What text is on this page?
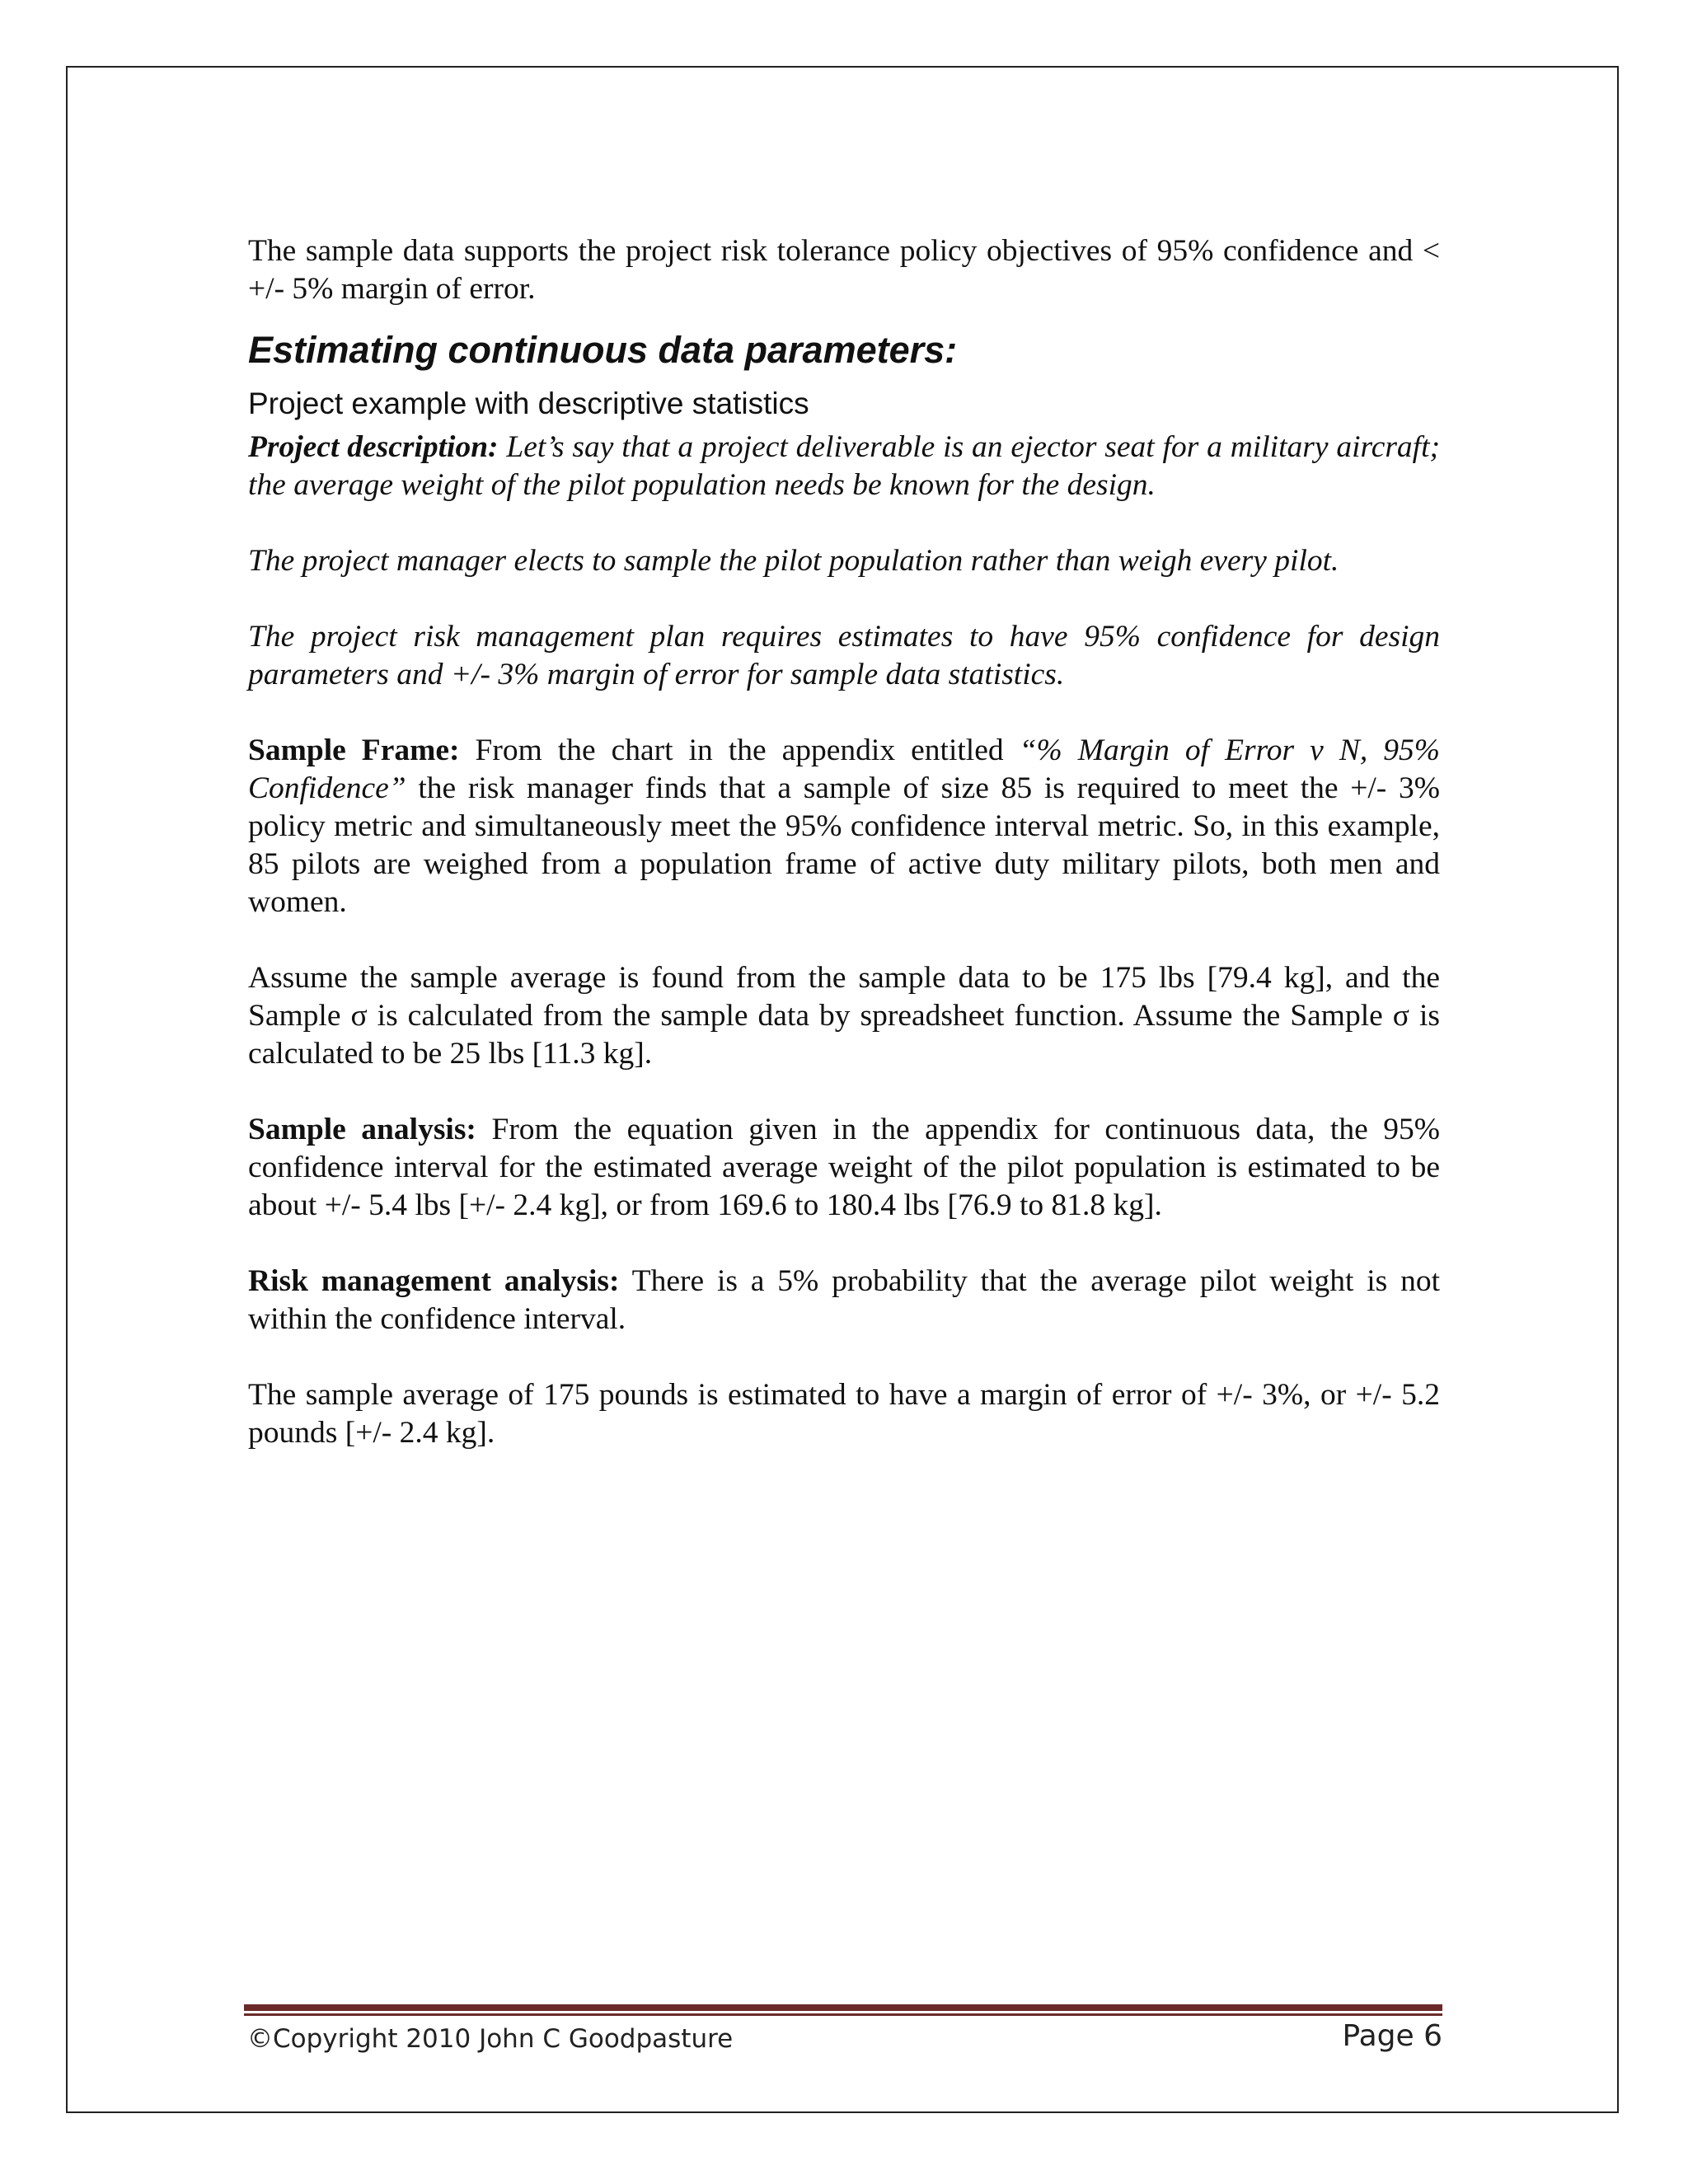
The sample data supports the project risk tolerance policy objectives of 95% confidence and < +/- 5% margin of error.

Estimating continuous data parameters:
Project example with descriptive statistics

Project description: Let’s say that a project deliverable is an ejector seat for a military aircraft; the average weight of the pilot population needs be known for the design.

The project manager elects to sample the pilot population rather than weigh every pilot.

The project risk management plan requires estimates to have 95% confidence for design parameters and +/- 3% margin of error for sample data statistics.

Sample Frame: From the chart in the appendix entitled “% Margin of Error v N, 95% Confidence” the risk manager finds that a sample of size 85 is required to meet the +/- 3% policy metric and simultaneously meet the 95% confidence interval metric. So, in this example, 85 pilots are weighed from a population frame of active duty military pilots, both men and women.

Assume the sample average is found from the sample data to be 175 lbs [79.4 kg], and the Sample σ is calculated from the sample data by spreadsheet function. Assume the Sample σ is calculated to be 25 lbs [11.3 kg].

Sample analysis: From the equation given in the appendix for continuous data, the 95% confidence interval for the estimated average weight of the pilot population is estimated to be about +/- 5.4 lbs [+/- 2.4 kg], or from 169.6 to 180.4 lbs [76.9 to 81.8 kg].

Risk management analysis: There is a 5% probability that the average pilot weight is not within the confidence interval.

The sample average of 175 pounds is estimated to have a margin of error of +/- 3%, or +/- 5.2 pounds [+/- 2.4 kg].

©Copyright 2010 John C Goodpasture	Page 6
